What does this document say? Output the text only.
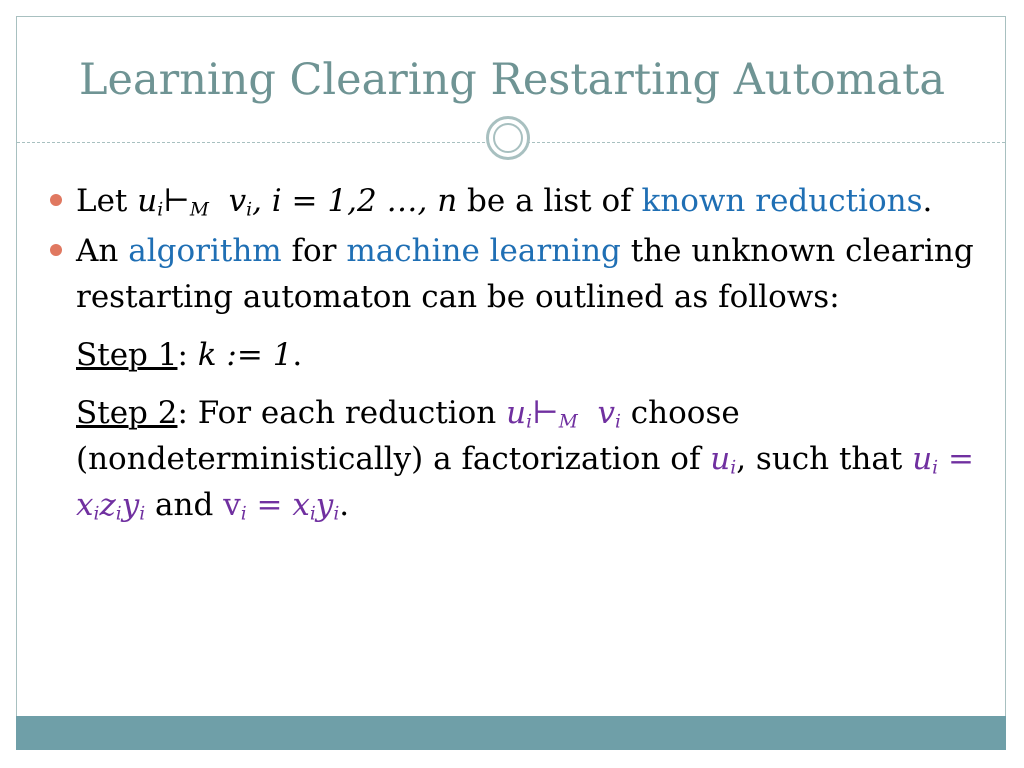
Learning Clearing Restarting Automata
Let $u_i⊢_M$ $v_i$, i = 1,2 …, n be a list of known reductions.
An algorithm for machine learning the unknown clearing restarting automaton can be outlined as follows:
Step 1: k := 1.
Step 2: For each reduction $u_i⊢_M$ $v_i$ choose (nondeterministically) a factorization of $u_i$, such that $u_i = x_iz_iy_i$ and $v_i = x_iy_i$.
